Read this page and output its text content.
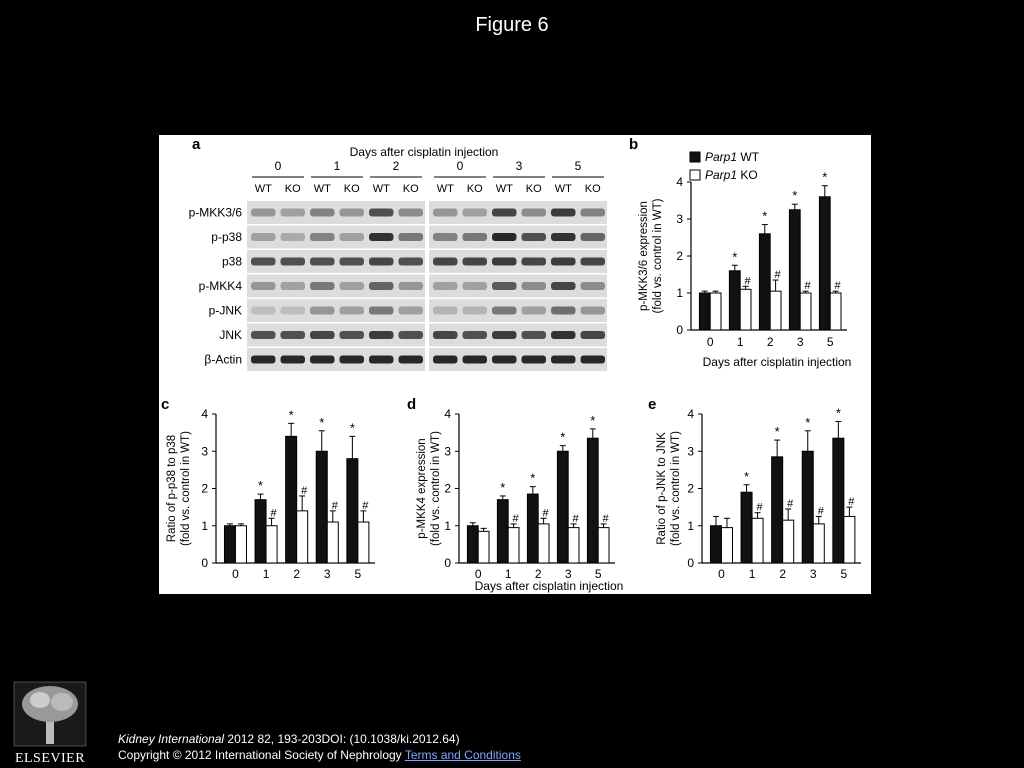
Figure 6
a	Days after cisplatin injection
0
WT KO
1
WT KO
2
WT KO
0
WT KO
3
WT KO
5
WT KO
p-MKK3/6
p-p38
p38
p-MKK4
p-JNK
JNK
β-Actin
b
0
1
2
3
4
p-MKK3/6 expression (fold vs. control in WT)
0 1
*
#
2
*
#
3
*
#
5
*
#
Days after cisplatin injection
c
0
1
2
3
4
Ratio of p-p38 to p38 (fold vs. control in WT)
0 1
*
#
2
*
#
3
*
#
5
*
#
d
0
1
2
3
4
p-MKK4 expression (fold vs. control in WT)
0 1
*
#
2
*
#
3
*
#
5
*
#
Days after cisplatin injection
e
0
1
2
3
4
Ratio of p-JNK to JNK (fold vs. control in WT)
0 1
*
#
2
*
#
3
*
#
5
*
#
Parp1 WT
Parp1 KO
ELSEVIER
Kidney International 2012 82, 193-203DOI: (10.1038/ki.2012.64)
Copyright © 2012 International Society of Nephrology Terms and Conditions
